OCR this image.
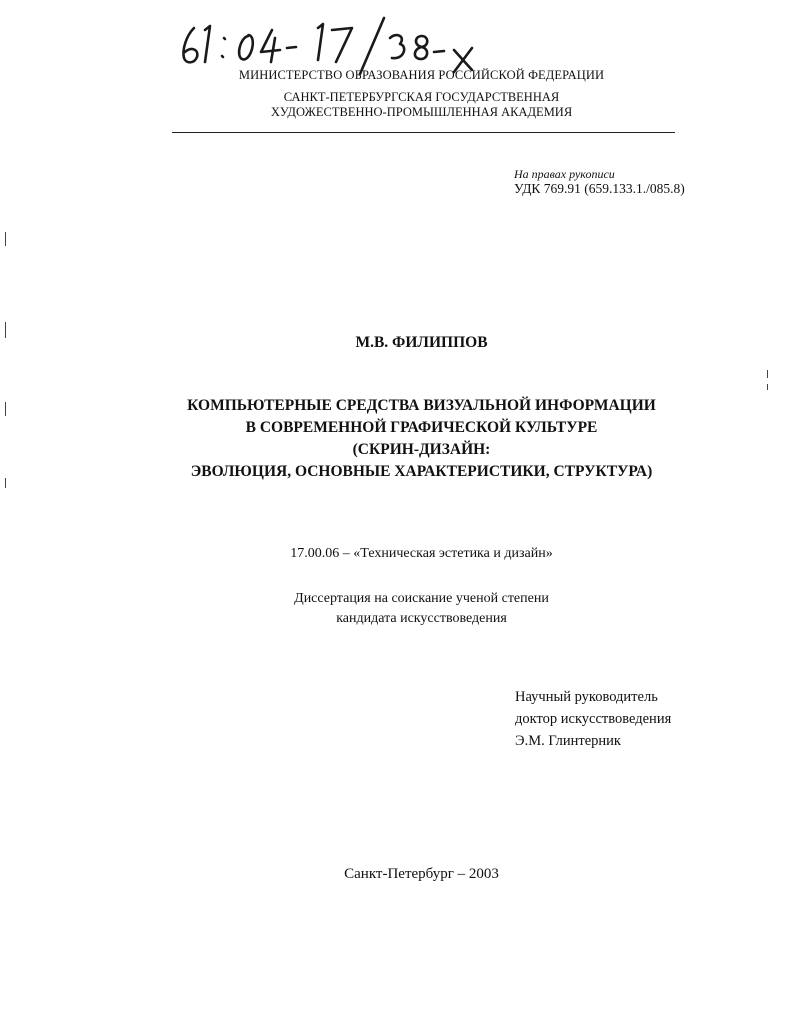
МИНИСТЕРСТВО ОБРАЗОВАНИЯ РОССИЙСКОЙ ФЕДЕРАЦИИ
САНКТ-ПЕТЕРБУРГСКАЯ ГОСУДАРСТВЕННАЯ
ХУДОЖЕСТВЕННО-ПРОМЫШЛЕННАЯ АКАДЕМИЯ
На правах рукописи
УДК 769.91 (659.133.1./085.8)
М.В. ФИЛИППОВ
КОМПЬЮТЕРНЫЕ СРЕДСТВА ВИЗУАЛЬНОЙ ИНФОРМАЦИИ
В СОВРЕМЕННОЙ ГРАФИЧЕСКОЙ КУЛЬТУРЕ
(СКРИН-ДИЗАЙН:
ЭВОЛЮЦИЯ, ОСНОВНЫЕ ХАРАКТЕРИСТИКИ, СТРУКТУРА)
17.00.06 – «Техническая эстетика и дизайн»
Диссертация на соискание ученой степени
кандидата искусствоведения
Научный руководитель
доктор искусствоведения
Э.М. Глинтерник
Санкт-Петербург – 2003
